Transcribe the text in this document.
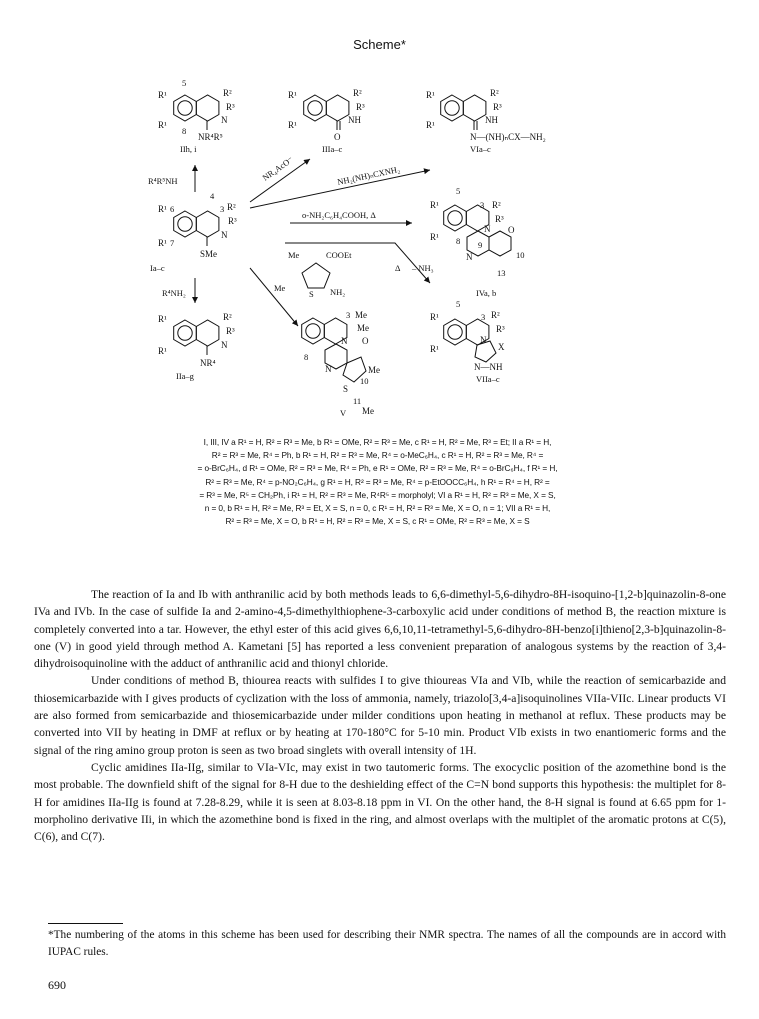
Scheme*
R¹
R¹
R²
R³
N
NR⁴R⁵
5
8
IIh, i
R¹
R¹
R²
R³
NH
O
IIIa–c
R¹
R¹
R²
R³
NH
N—(NH)ₙCX—NH₂
VIa–c
R¹
R¹
6
7
4
3 R²
R³
N
SMe
Ia–c
R⁴R⁵NH	NR₄AcO⁻	NH₂(NH)ₙCXNH₂
o-NH₂C₆H₄COOH, Δ
R⁴NH₂
Δ – NH₃
Me	COOEt
Me
S NH₂
R¹
R¹
R²
R³
N O
N
5
3
8 9
10
13
IVa, b
R¹
R¹
R²
R³
N
NR⁴
IIa–g
3 Me
Me
N O
N
8
Me
10
S
11
Me
V
R¹
R¹
5
3 R²
R³
N
X
N—NH
VIIa–c
I, III, IV a R¹ = H, R² = R³ = Me, b R¹ = OMe, R² = R³ = Me, c R¹ = H, R² = Me, R³ = Et; II a R¹ = H,
R² = R³ = Me, R⁴ = Ph, b R¹ = H, R² = R³ = Me, R⁴ = o-MeC₆H₄, c R¹ = H, R² = R³ = Me, R⁴ =
= o-BrC₆H₄, d R¹ = OMe, R² = R³ = Me, R⁴ = Ph, e R¹ = OMe, R² = R³ = Me, R⁴ = o-BrC₆H₄, f R¹ = H,
R² = R³ = Me, R⁴ = p-NO₂C₆H₄, g R¹ = H, R² = R³ = Me, R⁴ = p-EtOOCC₆H₄, h R¹ = R⁴ = H, R² =
= R³ = Me, R⁵ = CH₂Ph, i R¹ = H, R² = R³ = Me, R⁴R⁵ = morpholyl; VI a R¹ = H, R² = R³ = Me, X = S,
n = 0, b R¹ = H, R² = Me, R³ = Et, X = S, n = 0, c R¹ = H, R² = R³ = Me, X = O, n = 1; VII a R¹ = H,
R² = R³ = Me, X = O, b R¹ = H, R² = R³ = Me, X = S, c R¹ = OMe, R² = R³ = Me, X = S

The reaction of Ia and Ib with anthranilic acid by both methods leads to 6,6-dimethyl-5,6-dihydro-8H-isoquino-[1,2-b]quinazolin-8-one IVa and IVb. In the case of sulfide Ia and 2-amino-4,5-dimethylthiophene-3-carboxylic acid under conditions of method B, the reaction mixture is completely converted into a tar. However, the ethyl ester of this acid gives 6,6,10,11-tetramethyl-5,6-dihydro-8H-benzo[i]thieno[2,3-b]quinazolin-8-one (V) in good yield through method A. Kametani [5] has reported a less convenient preparation of analogous systems by the reaction of 3,4-dihydroisoquinoline with the adduct of anthranilic acid and thionyl chloride.

Under conditions of method B, thiourea reacts with sulfides I to give thioureas VIa and VIb, while the reaction of semicarbazide and thiosemicarbazide with I gives products of cyclization with the loss of ammonia, namely, triazolo[3,4-a]isoquinolines VIIa-VIIc. Linear products VI are also formed from semicarbazide and thiosemicarbazide under milder conditions upon heating in methanol at reflux. These products may be converted into VII by heating in DMF at reflux or by heating at 170-180°C for 5-10 min. Product VIb exists in two enantiomeric forms and the signal of the ring amino group proton is seen as two broad singlets with overall intensity of 1H.

Cyclic amidines IIa-IIg, similar to VIa-VIc, may exist in two tautomeric forms. The exocyclic position of the azomethine bond is the most probable. The downfield shift of the signal for 8-H due to the deshielding effect of the C=N bond supports this hypothesis: the multiplet for 8-H for amidines IIa-IIg is found at 7.28-8.29, while it is seen at 8.03-8.18 ppm in VI. On the other hand, the 8-H signal is found at 6.65 ppm for 1-morpholino derivative IIi, in which the azomethine bond is fixed in the ring, and almost overlaps with the multiplet of the aromatic protons at C(5), C(6), and C(7).

*The numbering of the atoms in this scheme has been used for describing their NMR spectra. The names of all the compounds are in accord with IUPAC rules.
690
